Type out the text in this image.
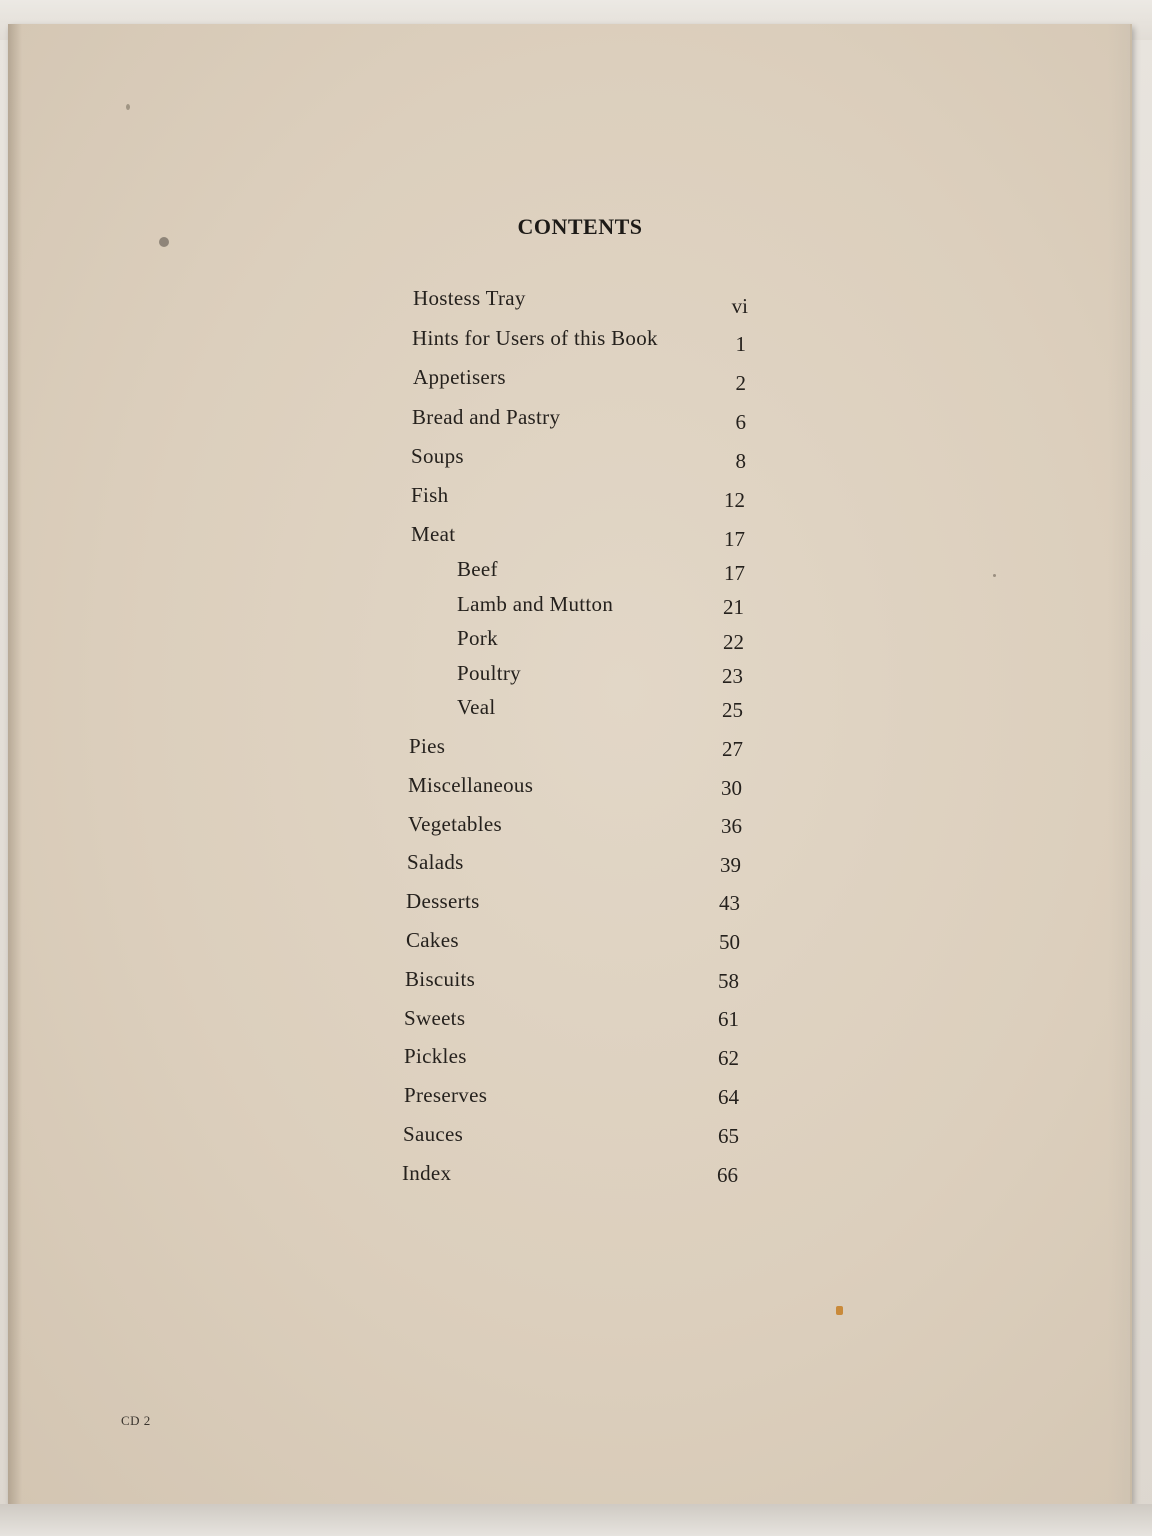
CONTENTS
Hostess Tray
Hints for Users of this Book
Appetisers
Bread and Pastry
Soups
Fish
Meat
Beef
Lamb and Mutton
Pork
Poultry
Veal
Pies
Miscellaneous
Vegetables
Salads
Desserts
Cakes
Biscuits
Sweets
Pickles
Preserves
Sauces
Index
vi
1
2
6
8
12
17
17
21
22
23
25
27
30
36
39
43
50
58
61
62
64
65
66
CD 2
